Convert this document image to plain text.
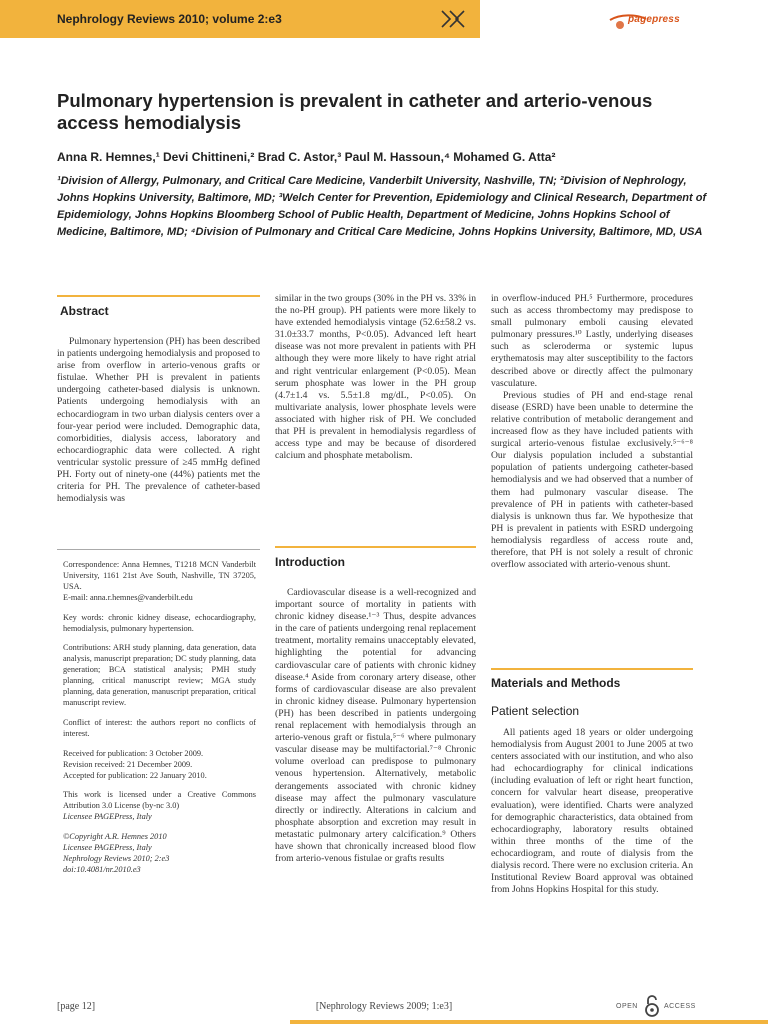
Nephrology Reviews 2010; volume 2:e3	pagepress
Pulmonary hypertension is prevalent in catheter and arterio-venous access hemodialysis
Anna R. Hemnes,¹ Devi Chittineni,² Brad C. Astor,³ Paul M. Hassoun,⁴ Mohamed G. Atta²
¹Division of Allergy, Pulmonary, and Critical Care Medicine, Vanderbilt University, Nashville, TN; ²Division of Nephrology, Johns Hopkins University, Baltimore, MD; ³Welch Center for Prevention, Epidemiology and Clinical Research, Department of Epidemiology, Johns Hopkins Bloomberg School of Public Health, Department of Medicine, Johns Hopkins School of Medicine, Baltimore, MD; ⁴Division of Pulmonary and Critical Care Medicine, Johns Hopkins University, Baltimore, MD, USA
Abstract

Pulmonary hypertension (PH) has been described in patients undergoing hemodialysis and proposed to arise from overflow in arterio-venous grafts or fistulae. Whether PH is prevalent in patients undergoing catheter-based dialysis is unknown. Patients undergoing hemodialysis with an echocardiogram in two urban dialysis centers over a four-year period were included. Demographic data, comorbidities, dialysis access, laboratory and echocardiographic data were collected. A right ventricular systolic pressure of ≥45 mmHg defined PH. Forty out of ninety-one (44%) patients met the criteria for PH. The prevalence of catheter-based hemodialysis was

Correspondence: Anna Hemnes, T1218 MCN Vanderbilt University, 1161 21st Ave South, Nashville, TN 37205, USA.

E-mail: anna.r.hemnes@vanderbilt.edu

Key words: chronic kidney disease, echocardiography, hemodialysis, pulmonary hypertension.

Contributions: ARH study planning, data generation, data analysis, manuscript preparation; DC study planning, data generation; BCA statistical analysis; PMH study planning, critical manuscript review; MGA study planning, data generation, manuscript preparation, critical manuscript review.

Conflict of interest: the authors report no conflicts of interest.

Received for publication: 3 October 2009.

Revision received: 21 December 2009.

Accepted for publication: 22 January 2010.

This work is licensed under a Creative Commons Attribution 3.0 License (by-nc 3.0)

Licensee PAGEPress, Italy

©Copyright A.R. Hemnes 2010

Licensee PAGEPress, Italy

Nephrology Reviews 2010; 2:e3

doi:10.4081/nr.2010.e3

similar in the two groups (30% in the PH vs. 33% in the no-PH group). PH patients were more likely to have extended hemodialysis vintage (52.6±58.2 vs. 31.0±33.7 months, P<0.05). Advanced left heart disease was not more prevalent in patients with PH although they were more likely to have right atrial and right ventricular enlargement (P<0.05). Mean serum phosphate was lower in the PH group (4.7±1.4 vs. 5.5±1.8 mg/dL, P<0.05). On multivariate analysis, lower phosphate levels were associated with higher risk of PH. We concluded that PH is prevalent in hemodialysis regardless of access type and may be because of disordered calcium and phosphate metabolism.

Introduction

Cardiovascular disease is a well-recognized and important source of mortality in patients with chronic kidney disease.¹⁻³ Thus, despite advances in the care of patients undergoing renal replacement treatment, mortality remains unacceptably elevated, highlighting the potential for advancing cardiovascular care of patients with chronic kidney disease.⁴ Aside from coronary artery disease, other forms of cardiovascular disease are also prevalent in chronic kidney disease. Pulmonary hypertension (PH) has been described in patients undergoing renal replacement with hemodialysis through an arterio-venous graft or fistula,⁵⁻⁶ where pulmonary vascular disease may be multifactorial.⁷⁻⁸ Chronic volume overload can predispose to pulmonary venous hypertension. Alternatively, metabolic derangements associated with chronic kidney disease may affect the pulmonary vasculature directly or indirectly. Alterations in calcium and phosphate absorption and excretion may result in metastatic pulmonary artery calcification.⁹ Others have shown that chronically increased blood flow from arterio-venous fistulae or grafts results

in overflow-induced PH.⁵ Furthermore, procedures such as access thrombectomy may predispose to small pulmonary emboli causing elevated pulmonary pressures.¹⁰ Lastly, underlying diseases such as scleroderma or systemic lupus erythematosis may alter susceptibility to the factors described above or directly affect the pulmonary vasculature.

Previous studies of PH and end-stage renal disease (ESRD) have been unable to determine the relative contribution of metabolic derangement and increased flow as they have included patients with surgical arterio-venous fistulae exclusively.⁵⁻⁶⁻⁸ Our dialysis population included a substantial population of patients undergoing catheter-based hemodialysis and we had observed that a number of them had pulmonary vascular disease. The prevalence of PH in patients with catheter-based dialysis is unknown thus far. We hypothesize that PH is prevalent in patients with ESRD undergoing hemodialysis regardless of access route and, therefore, that PH is not solely a result of chronic overflow associated with arterio-venous shunt.

Materials and Methods
Patient selection

All patients aged 18 years or older undergoing hemodialysis from August 2001 to June 2005 at two centers associated with our institution, and who also had echocardiography for clinical indications (including evaluation of left or right heart function, concern for valvular heart disease, preoperative evaluation), were identified. Charts were analyzed for demographic characteristics, data obtained from echocardiography, laboratory results obtained within three months of the time of the echocardiogram, and route of dialysis from the dialysis record. There were no exclusion criteria. An Institutional Review Board approval was obtained from Johns Hopkins Hospital for this study.

[page 12]	[Nephrology Reviews 2009; 1:e3]	OPEN	ACCESS
